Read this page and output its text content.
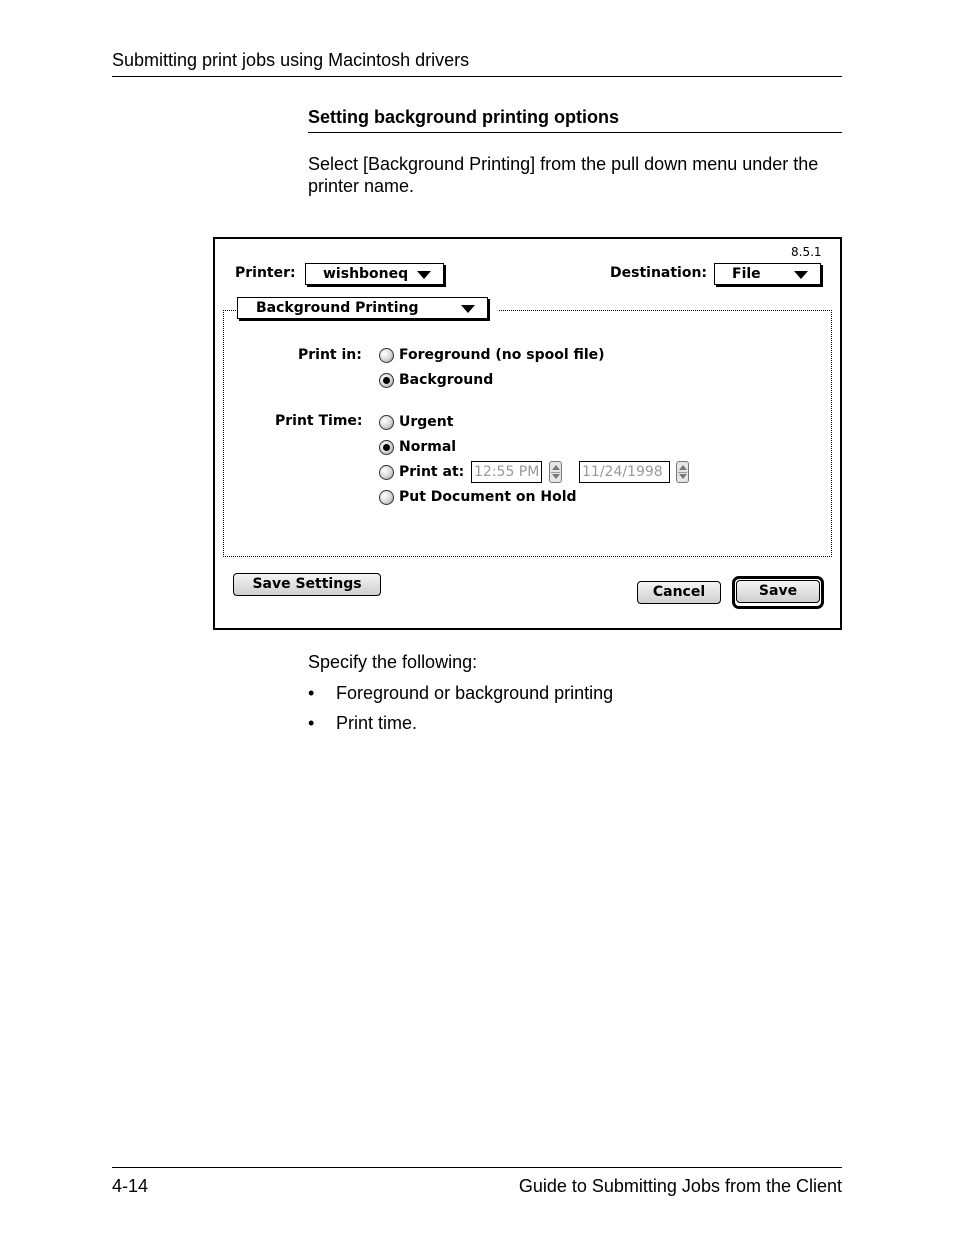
Submitting print jobs using Macintosh drivers
Setting background printing options
Select [Background Printing] from the pull down menu under the printer name.
8.5.1
Printer:	wishboneq	Destination:	File
Background Printing
Print in:	Foreground (no spool file)
Background
Print Time:	Urgent
Normal
Print at: 12:55 PM	11/24/1998
Put Document on Hold
Save Settings	Cancel	Save
Specify the following:
• Foreground or background printing
• Print time.
4-14	Guide to Submitting Jobs from the Client
